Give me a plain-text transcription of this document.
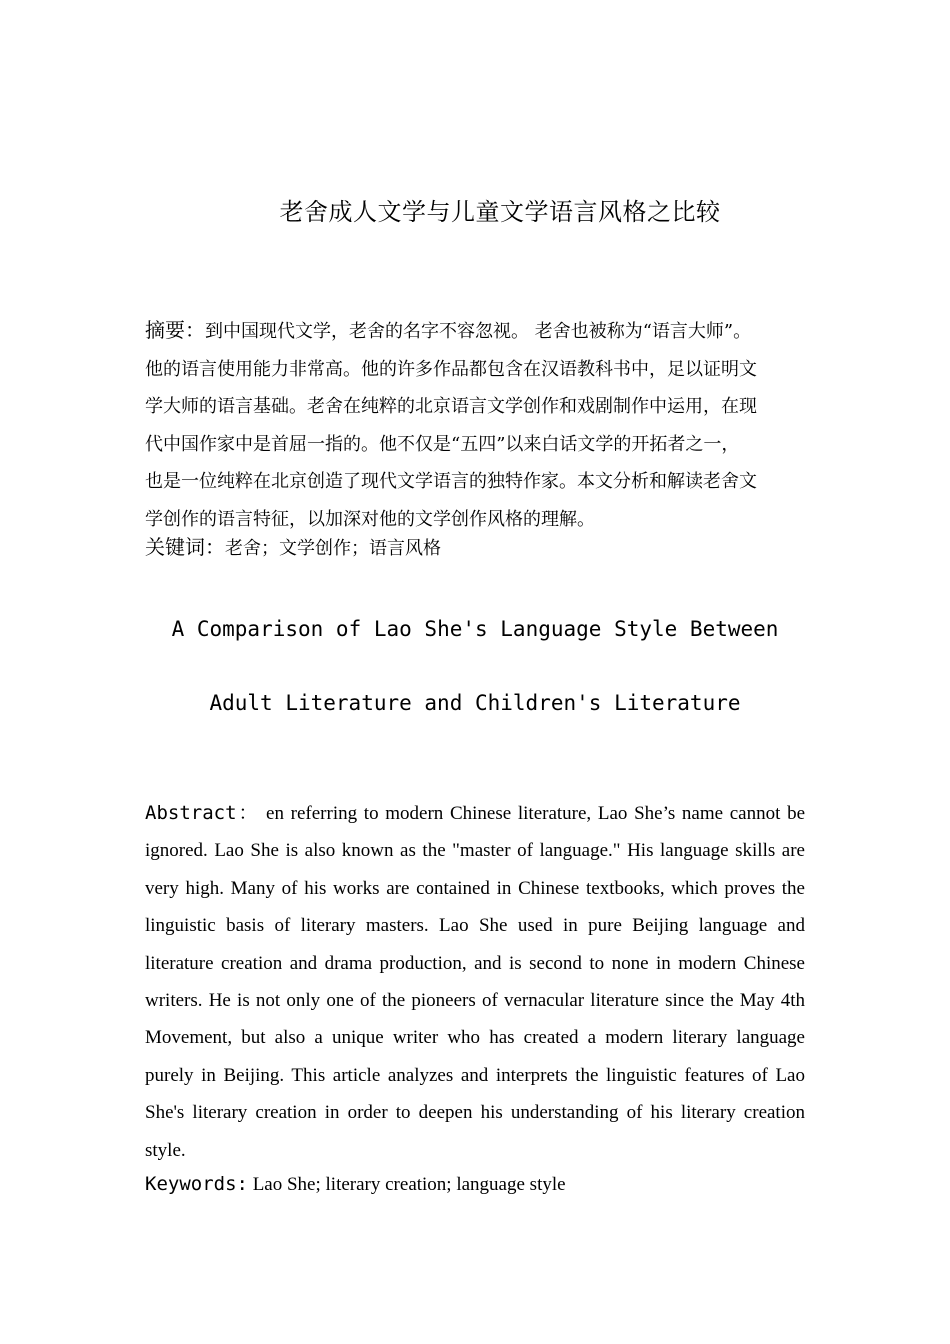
老舍成人文学与儿童文学语言风格之比较
摘要：到中国现代文学，老舍的名字不容忽视。 老舍也被称为“语言大师”。
他的语言使用能力非常高。他的许多作品都包含在汉语教科书中，足以证明文
学大师的语言基础。老舍在纯粹的北京语言文学创作和戏剧制作中运用，在现
代中国作家中是首屈一指的。他不仅是“五四”以来白话文学的开拓者之一，
也是一位纯粹在北京创造了现代文学语言的独特作家。本文分析和解读老舍文
学创作的语言特征，以加深对他的文学创作风格的理解。
关键词：老舍；文学创作；语言风格
A Comparison of Lao She's Language Style Between
Adult Literature and Children's Literature
Abstract： en referring to modern Chinese literature, Lao She’s name cannot be ignored. Lao She is also known as the "master of language." His language skills are very high. Many of his works are contained in Chinese textbooks, which proves the linguistic basis of literary masters. Lao She used in pure Beijing language and literature creation and drama production, and is second to none in modern Chinese writers. He is not only one of the pioneers of vernacular literature since the May 4th Movement, but also a unique writer who has created a modern literary language purely in Beijing. This article analyzes and interprets the linguistic features of Lao She's literary creation in order to deepen his understanding of his literary creation style.
Keywords: Lao She; literary creation; language style
